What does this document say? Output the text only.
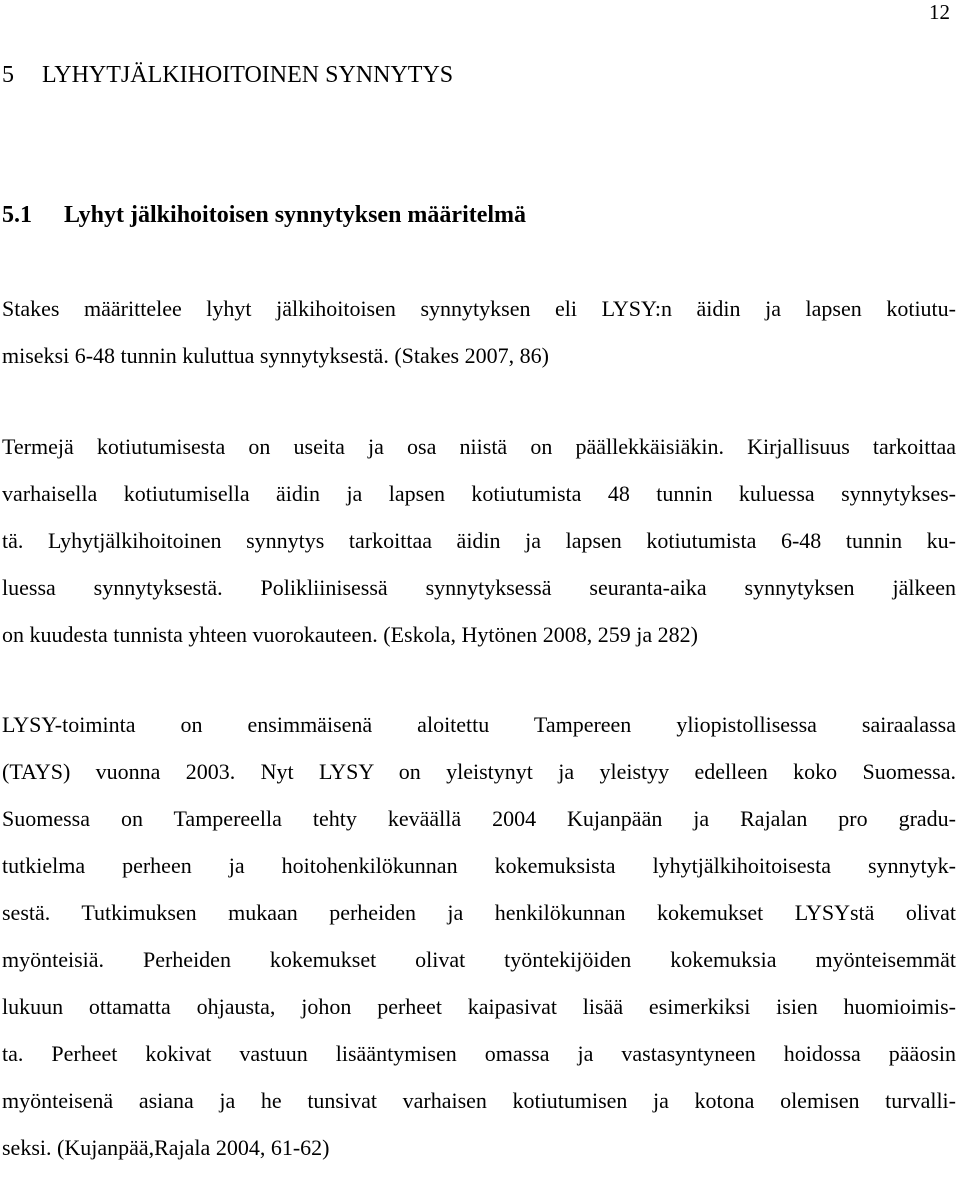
12
5 LYHYTJÄLKIHOITOINEN SYNNYTYS
5.1 Lyhyt jälkihoitoisen synnytyksen määritelmä

Stakes määrittelee lyhyt jälkihoitoisen synnytyksen eli LYSY:n äidin ja lapsen kotiutu-
miseksi 6-48 tunnin kuluttua synnytyksestä. (Stakes 2007, 86)

Termejä kotiutumisesta on useita ja osa niistä on päällekkäisiäkin. Kirjallisuus tarkoittaa
varhaisella kotiutumisella äidin ja lapsen kotiutumista 48 tunnin kuluessa synnytykses-
tä. Lyhytjälkihoitoinen synnytys tarkoittaa äidin ja lapsen kotiutumista 6-48 tunnin ku-
luessa synnytyksestä. Polikliinisessä synnytyksessä seuranta-aika synnytyksen jälkeen
on kuudesta tunnista yhteen vuorokauteen. (Eskola, Hytönen 2008, 259 ja 282)

LYSY-toiminta on ensimmäisenä aloitettu Tampereen yliopistollisessa sairaalassa
(TAYS) vuonna 2003. Nyt LYSY on yleistynyt ja yleistyy edelleen koko Suomessa.
Suomessa on Tampereella tehty keväällä 2004 Kujanpään ja Rajalan pro gradu-
tutkielma perheen ja hoitohenkilökunnan kokemuksista lyhytjälkihoitoisesta synnytyk-
sestä. Tutkimuksen mukaan perheiden ja henkilökunnan kokemukset LYSYstä olivat
myönteisiä. Perheiden kokemukset olivat työntekijöiden kokemuksia myönteisemmät
lukuun ottamatta ohjausta, johon perheet kaipasivat lisää esimerkiksi isien huomioimis-
ta. Perheet kokivat vastuun lisääntymisen omassa ja vastasyntyneen hoidossa pääosin
myönteisenä asiana ja he tunsivat varhaisen kotiutumisen ja kotona olemisen turvalli-
seksi. (Kujanpää,Rajala 2004, 61-62)
